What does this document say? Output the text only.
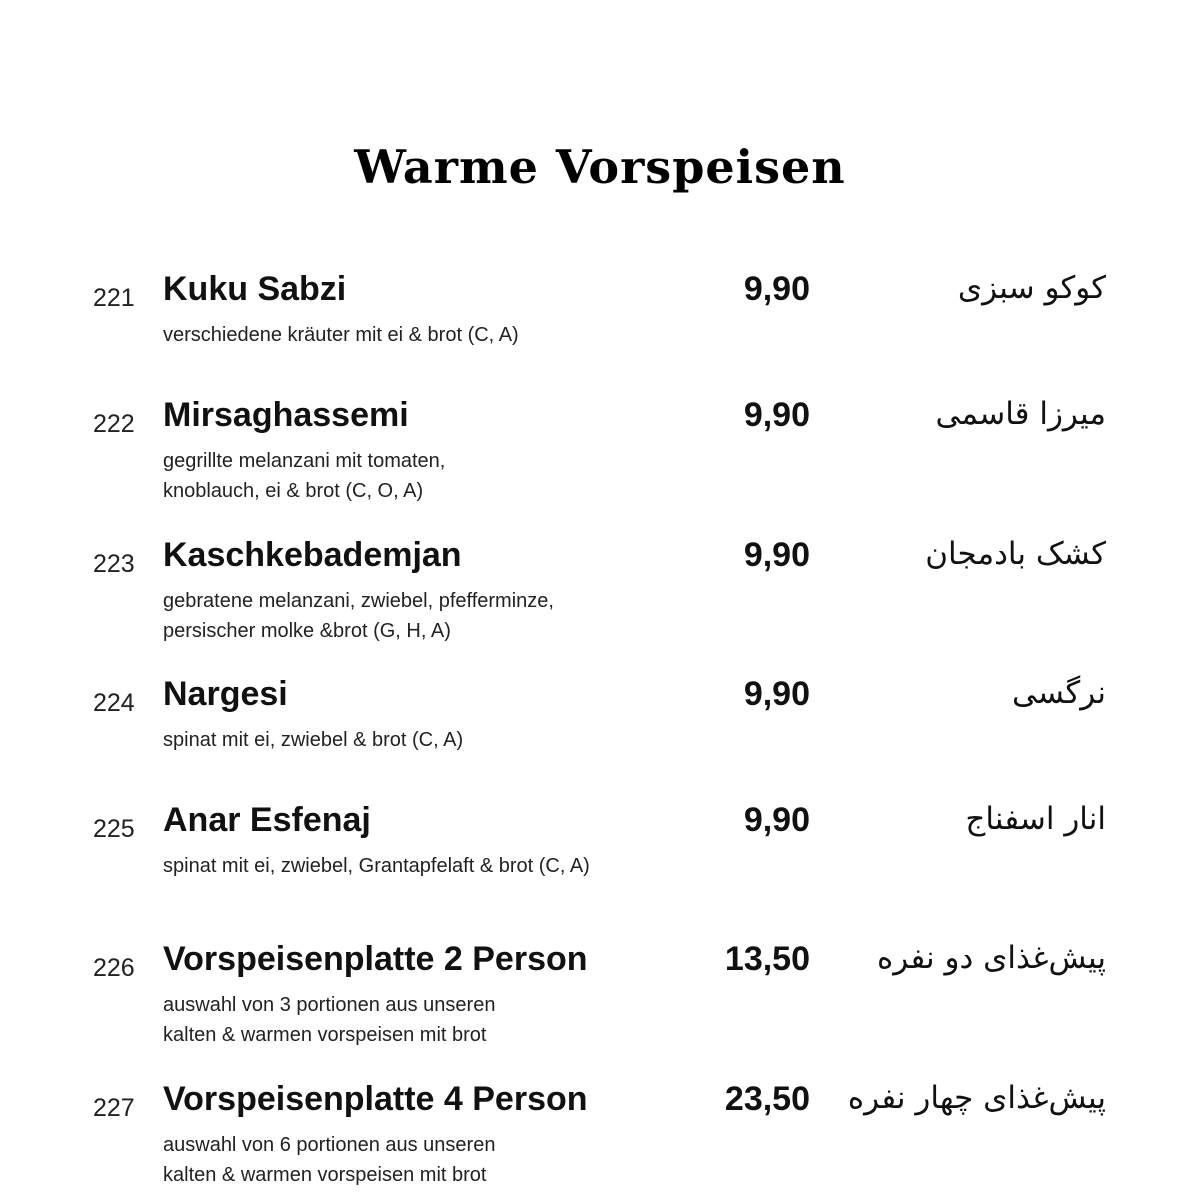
Warme Vorspeisen
221 Kuku Sabzi
verschiedene kräuter mit ei & brot (C, A)
9,90	کوکو سبزی
222 Mirsaghassemi
gegrillte melanzani mit tomaten,
knoblauch, ei & brot (C, O, A)
9,90	میرزا قاسمی
223 Kaschkebademjan
gebratene melanzani, zwiebel, pfefferminze,
persischer molke &brot (G, H, A)
9,90	کشک بادمجان
224 Nargesi
spinat mit ei, zwiebel & brot (C, A)
9,90	نرگسی
225 Anar Esfenaj
spinat mit ei, zwiebel, Grantapfelaft & brot (C, A)
9,90	انار اسفناج
226 Vorspeisenplatte 2 Person
auswahl von 3 portionen aus unseren
kalten & warmen vorspeisen mit brot
13,50 پیش‌غذای دو نفره
227 Vorspeisenplatte 4 Person
auswahl von 6 portionen aus unseren
kalten & warmen vorspeisen mit brot
23,50 پیش‌غذای چهار نفره
